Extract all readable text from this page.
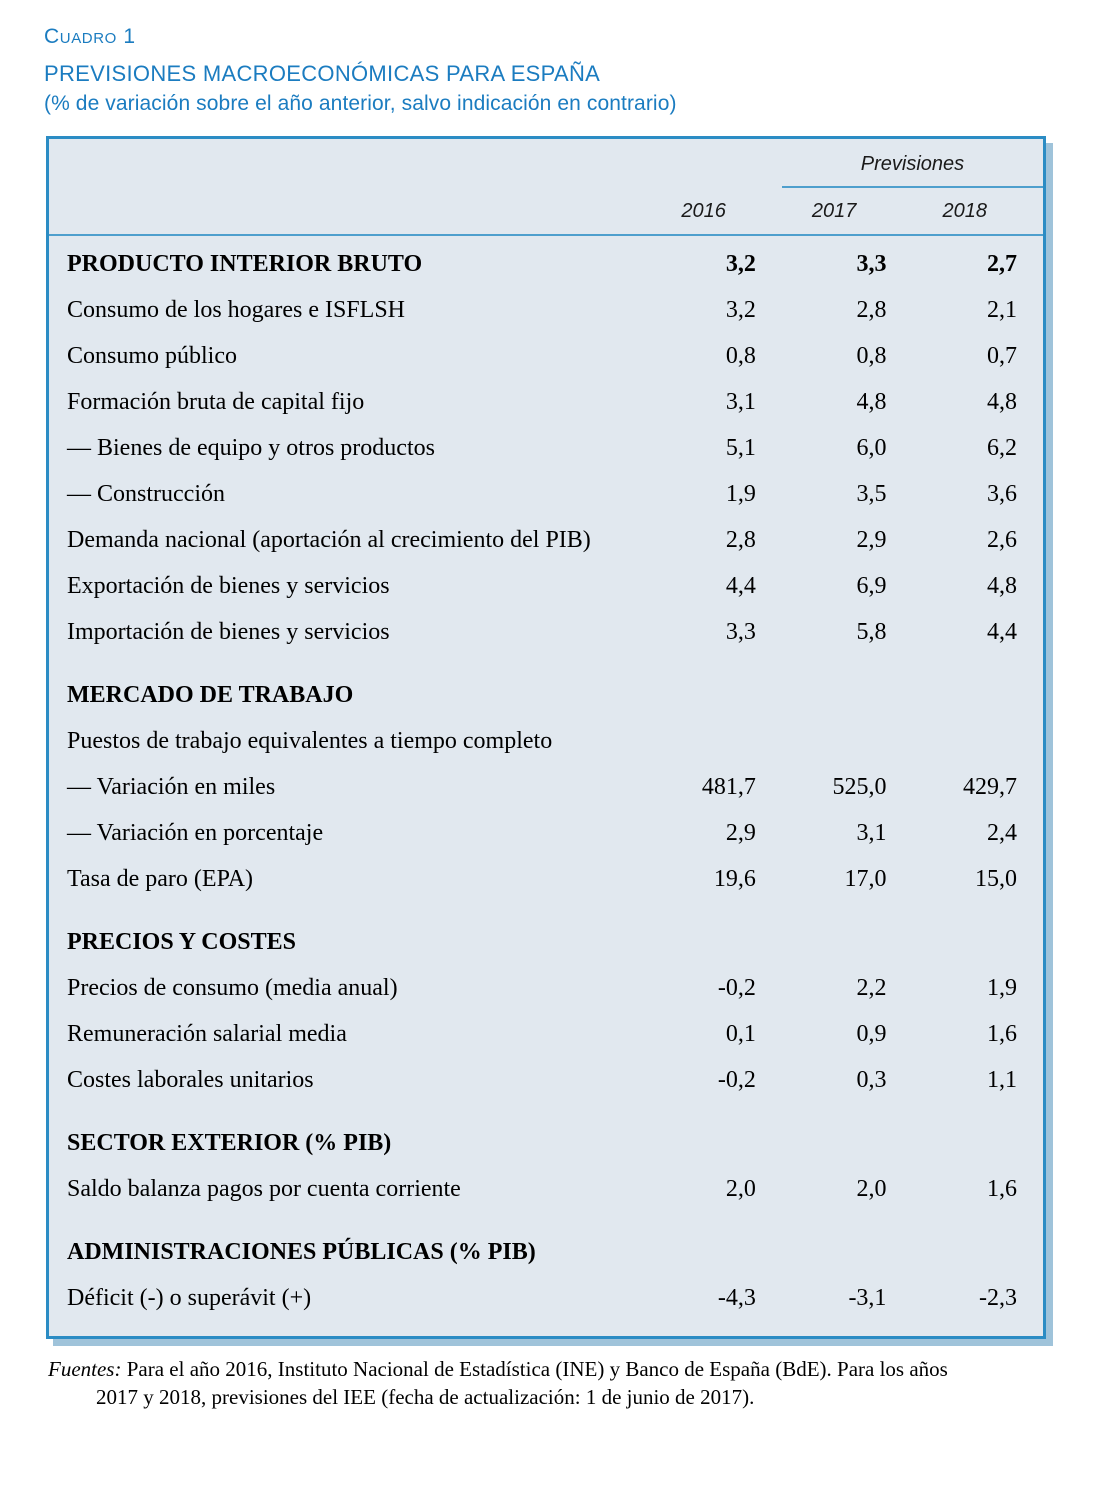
Cuadro 1
PREVISIONES MACROECONÓMICAS PARA ESPAÑA
(% de variación sobre el año anterior, salvo indicación en contrario)
		Previsiones	
	2016	2017	2018
PRODUCTO INTERIOR BRUTO	3,2	3,3	2,7
Consumo de los hogares e ISFLSH	3,2	2,8	2,1
Consumo público	0,8	0,8	0,7
Formación bruta de capital fijo	3,1	4,8	4,8
— Bienes de equipo y otros productos	5,1	6,0	6,2
— Construcción	1,9	3,5	3,6
Demanda nacional (aportación al crecimiento del PIB)	2,8	2,9	2,6
Exportación de bienes y servicios	4,4	6,9	4,8
Importación de bienes y servicios	3,3	5,8	4,4
MERCADO DE TRABAJO			
Puestos de trabajo equivalentes a tiempo completo			
— Variación en miles	481,7	525,0	429,7
— Variación en porcentaje	2,9	3,1	2,4
Tasa de paro (EPA)	19,6	17,0	15,0
PRECIOS Y COSTES			
Precios de consumo (media anual)	-0,2	2,2	1,9
Remuneración salarial media	0,1	0,9	1,6
Costes laborales unitarios	-0,2	0,3	1,1
SECTOR EXTERIOR (% PIB)			
Saldo balanza pagos por cuenta corriente	2,0	2,0	1,6
ADMINISTRACIONES PÚBLICAS (% PIB)			
Déficit (-) o superávit (+)	-4,3	-3,1	-2,3
Fuentes: Para el año 2016, Instituto Nacional de Estadística (INE) y Banco de España (BdE). Para los años
2017 y 2018, previsiones del IEE (fecha de actualización: 1 de junio de 2017).
